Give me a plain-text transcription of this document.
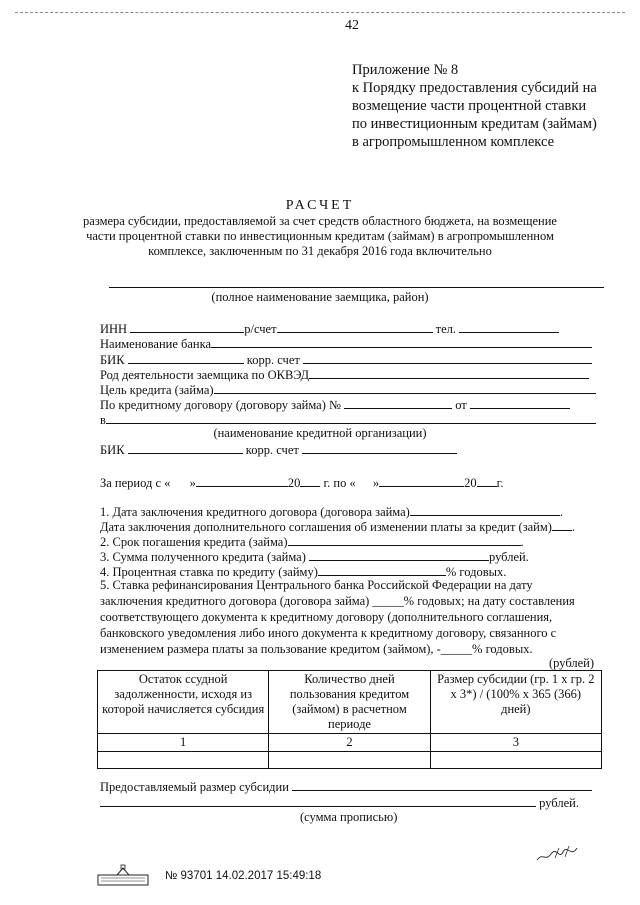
42
Приложение № 8
к Порядку предоставления субсидий на
возмещение части процентной ставки
по инвестиционным кредитам (займам)
в агропромышленном комплексе
РАСЧЕТ
размера субсидии, предоставляемой за счет средств областного бюджета, на возмещение
части процентной ставки по инвестиционным кредитам (займам) в агропромышленном
комплексе, заключенным по 31 декабря 2016 года включительно
(полное наименование заемщика, район)
ИНН	р/счет	тел.
Наименование банка
БИК	корр. счет
Род деятельности заемщика по ОКВЭД
Цель кредита (займа)
По кредитному договору (договору займа) №	от
в
(наименование кредитной организации)
БИК	корр. счет
За период с « »	20 г. по « »	20 г.
1. Дата заключения кредитного договора (договора займа)	.
Дата заключения дополнительного соглашения об изменении платы за кредит (займ) .
2. Срок погашения кредита (займа)	.
3. Сумма полученного кредита (займа)	рублей.
4. Процентная ставка по кредиту (займу)	% годовых.
5. Ставка рефинансирования Центрального банка Российской Федерации на дату
заключения кредитного договора (договора займа) _____% годовых; на дату составления
соответствующего документа к кредитному договору (дополнительного соглашения,
банковского уведомления либо иного документа к кредитному договору, связанного с
изменением размера платы за пользование кредитом (займом), -_____% годовых.
(рублей)
Остаток ссудной задолженности, исходя из которой начисляется субсидия	Количество дней пользования кредитом (займом) в расчетном периоде	Размер субсидии (гр. 1 х гр. 2 х 3*) / (100% х 365 (366) дней)
1	2	3

Предоставляемый размер субсидии
рублей.
(сумма прописью)
№ 93701 14.02.2017 15:49:18
